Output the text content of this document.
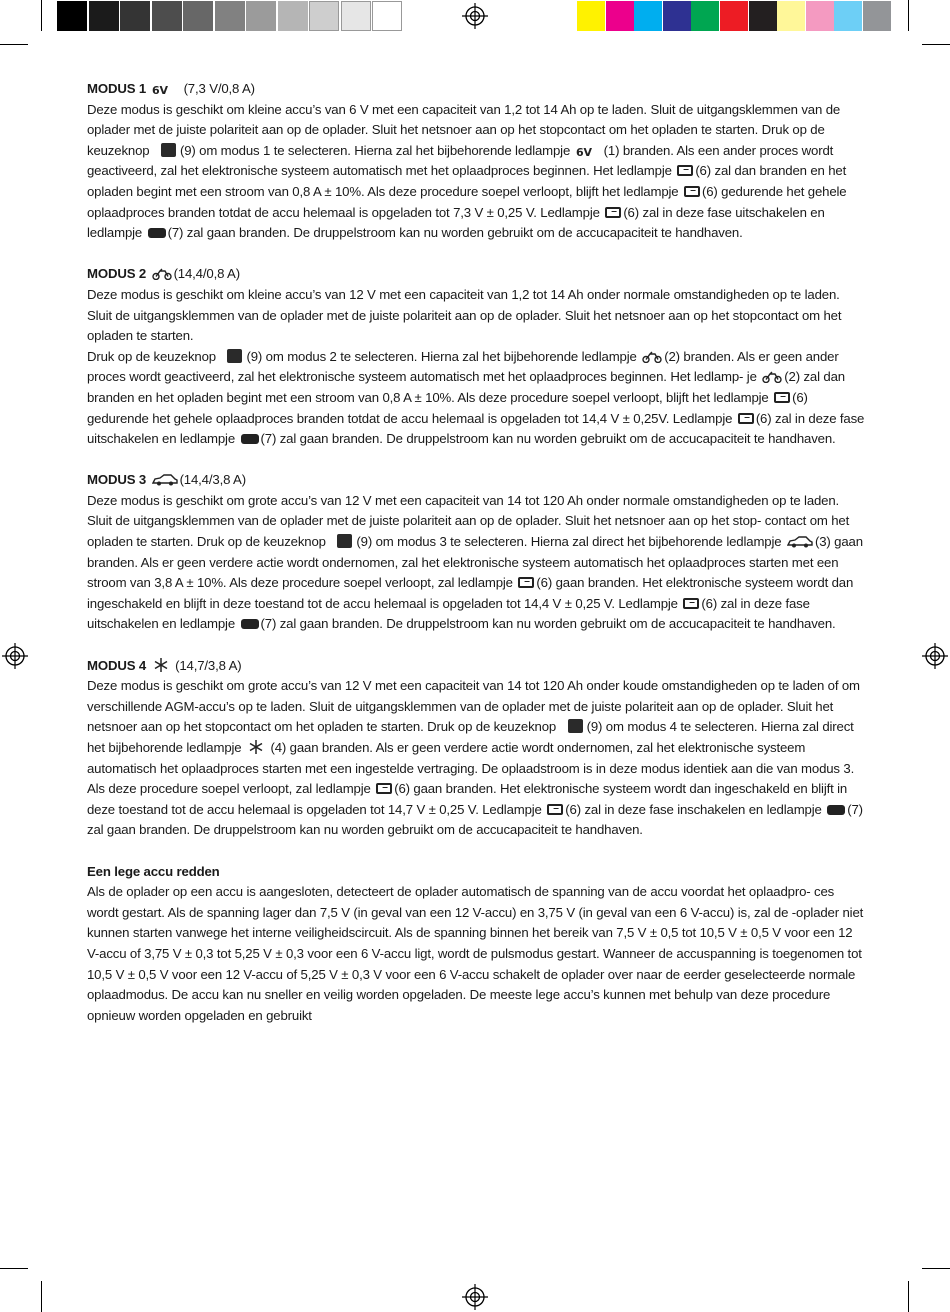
MODUS 1 6V (7,3 V/0,8 A)

Deze modus is geschikt om kleine accu’s van 6 V met een capaciteit van 1,2 tot 14 Ah op te laden. Sluit de uitgangsklemmen van de oplader met de juiste polariteit aan op de oplader. Sluit het netsnoer aan op het stopcontact om het opladen te starten. Druk op de keuzeknop (9) om modus 1 te selecteren. Hierna zal het bijbehorende ledlampje 6V (1) branden. Als een ander proces wordt geactiveerd, zal het elektronische systeem automatisch met het oplaadproces beginnen. Het ledlampje (6) zal dan branden en het opladen begint met een stroom van 0,8 A ± 10%. Als deze procedure soepel verloopt, blijft het ledlampje (6) gedurende het gehele oplaadproces branden totdat de accu helemaal is opgeladen tot 7,3 V ± 0,25 V. Ledlampje (6) zal in deze fase uitschakelen en ledlampje (7) zal gaan branden. De druppelstroom kan nu worden gebruikt om de accucapaciteit te handhaven.

MODUS 2 (14,4/0,8 A)

Deze modus is geschikt om kleine accu’s van 12 V met een capaciteit van 1,2 tot 14 Ah onder normale omstandigheden op te laden. Sluit de uitgangsklemmen van de oplader met de juiste polariteit aan op de oplader. Sluit het netsnoer aan op het stopcontact om het opladen te starten.

Druk op de keuzeknop (9) om modus 2 te selecteren. Hierna zal het bijbehorende ledlampje (2) branden. Als er geen ander proces wordt geactiveerd, zal het elektronische systeem automatisch met het oplaadproces beginnen. Het ledlamp- je (2) zal dan branden en het opladen begint met een stroom van 0,8 A ± 10%. Als deze procedure soepel verloopt, blijft het ledlampje (6) gedurende het gehele oplaadproces branden totdat de accu helemaal is opgeladen tot 14,4 V ± 0,25V. Ledlampje (6) zal in deze fase uitschakelen en ledlampje (7) zal gaan branden. De druppelstroom kan nu worden gebruikt om de accucapaciteit te handhaven.

MODUS 3	(14,4/3,8 A)

Deze modus is geschikt om grote accu’s van 12 V met een capaciteit van 14 tot 120 Ah onder normale omstandigheden op te laden. Sluit de uitgangsklemmen van de oplader met de juiste polariteit aan op de oplader. Sluit het netsnoer aan op het stop- contact om het opladen te starten. Druk op de keuzeknop (9) om modus 3 te selecteren. Hierna zal direct het bijbehorende ledlampje	(3) gaan branden. Als er geen verdere actie wordt ondernomen, zal het elektronische systeem automatisch het oplaadproces starten met een stroom van 3,8 A ± 10%. Als deze procedure soepel verloopt, zal ledlampje (6) gaan branden. Het elektronische systeem wordt dan ingeschakeld en blijft in deze toestand tot de accu helemaal is opgeladen tot 14,4 V ± 0,25 V. Ledlampje (6) zal in deze fase uitschakelen en ledlampje (7) zal gaan branden. De druppelstroom kan nu worden gebruikt om de accucapaciteit te handhaven.

MODUS 4 (14,7/3,8 A)

Deze modus is geschikt om grote accu’s van 12 V met een capaciteit van 14 tot 120 Ah onder koude omstandigheden op te laden of om verschillende AGM-accu’s op te laden. Sluit de uitgangsklemmen van de oplader met de juiste polariteit aan op de oplader. Sluit het netsnoer aan op het stopcontact om het opladen te starten. Druk op de keuzeknop (9) om modus 4 te selecteren. Hierna zal direct het bijbehorende ledlampje (4) gaan branden. Als er geen verdere actie wordt ondernomen, zal het elektronische systeem automatisch het oplaadproces starten met een ingestelde vertraging. De oplaadstroom is in deze modus identiek aan die van modus 3. Als deze procedure soepel verloopt, zal ledlampje (6) gaan branden. Het elektronische systeem wordt dan ingeschakeld en blijft in deze toestand tot de accu helemaal is opgeladen tot 14,7 V ± 0,25 V. Ledlampje (6) zal in deze fase inschakelen en ledlampje (7) zal gaan branden. De druppelstroom kan nu worden gebruikt om de accucapaciteit te handhaven.

Een lege accu redden

Als de oplader op een accu is aangesloten, detecteert de oplader automatisch de spanning van de accu voordat het oplaadpro- ces wordt gestart. Als de spanning lager dan 7,5 V (in geval van een 12 V-accu) en 3,75 V (in geval van een 6 V-accu) is, zal de -oplader niet kunnen starten vanwege het interne veiligheidscircuit. Als de spanning binnen het bereik van 7,5 V ± 0,5 tot 10,5 V ± 0,5 V voor een 12 V-accu of 3,75 V ± 0,3 tot 5,25 V ± 0,3 voor een 6 V-accu ligt, wordt de pulsmodus gestart. Wanneer de accuspanning is toegenomen tot 10,5 V ± 0,5 V voor een 12 V-accu of 5,25 V ± 0,3 V voor een 6 V-accu schakelt de oplader over naar de eerder geselecteerde normale oplaadmodus. De accu kan nu sneller en veilig worden opgeladen. De meeste lege accu’s kunnen met behulp van deze procedure opnieuw worden opgeladen en gebruikt
